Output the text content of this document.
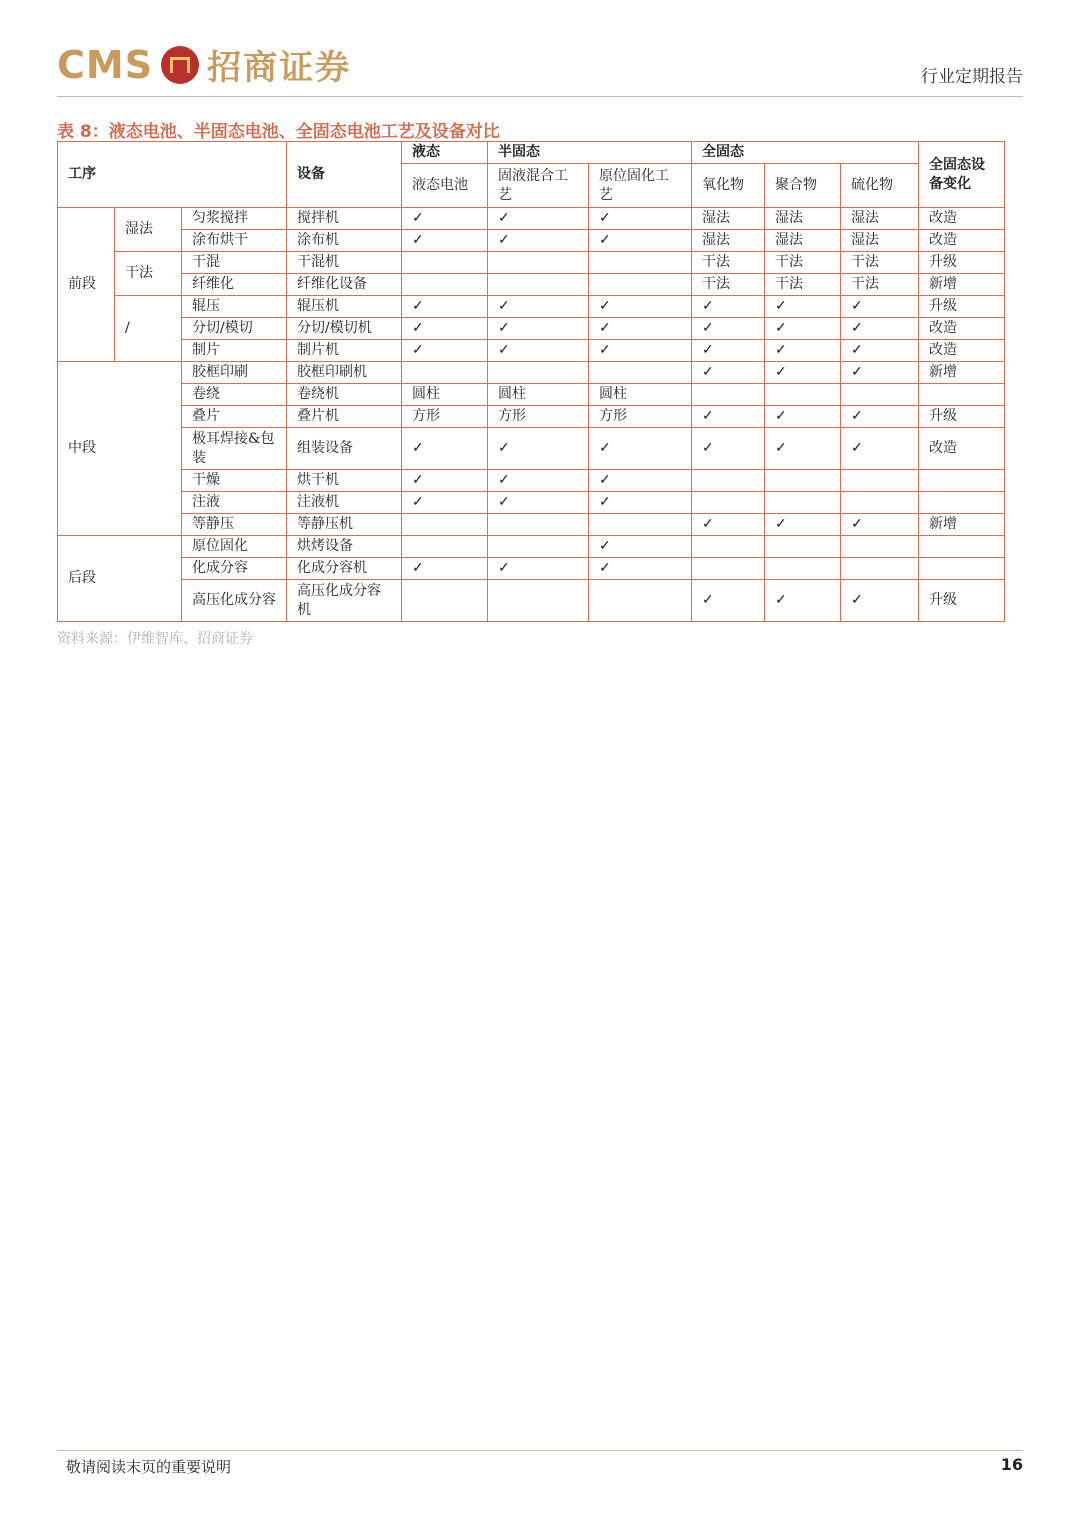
CMS 招商证券	行业定期报告
表 8：液态电池、半固态电池、全固态电池工艺及设备对比
工序			设备	液态	半固态		全固态			全固态设备变化
				液态电池	固液混合工艺	原位固化工艺	氧化物	聚合物	硫化物	
前段	湿法	匀浆搅拌	搅拌机	✓	✓	✓	湿法	湿法	湿法	改造
		涂布烘干	涂布机	✓	✓	✓	湿法	湿法	湿法	改造
	干法	干混	干混机				干法	干法	干法	升级
		纤维化	纤维化设备				干法	干法	干法	新增
	/	辊压	辊压机	✓	✓	✓	✓	✓	✓	升级
		分切/模切	分切/模切机	✓	✓	✓	✓	✓	✓	改造
		制片	制片机	✓	✓	✓	✓	✓	✓	改造
中段		胶框印刷	胶框印刷机				✓	✓	✓	新增
		卷绕	卷绕机	圆柱	圆柱	圆柱				
		叠片	叠片机	方形	方形	方形	✓	✓	✓	升级
		极耳焊接&包装	组装设备	✓	✓	✓	✓	✓	✓	改造
		干燥	烘干机	✓	✓	✓				
		注液	注液机	✓	✓	✓				
		等静压	等静压机				✓	✓	✓	新增
后段		原位固化	烘烤设备			✓				
		化成分容	化成分容机	✓	✓	✓				
		高压化成分容	高压化成分容机				✓	✓	✓	升级
资料来源：伊维智库、招商证券
敬请阅读末页的重要说明	16
